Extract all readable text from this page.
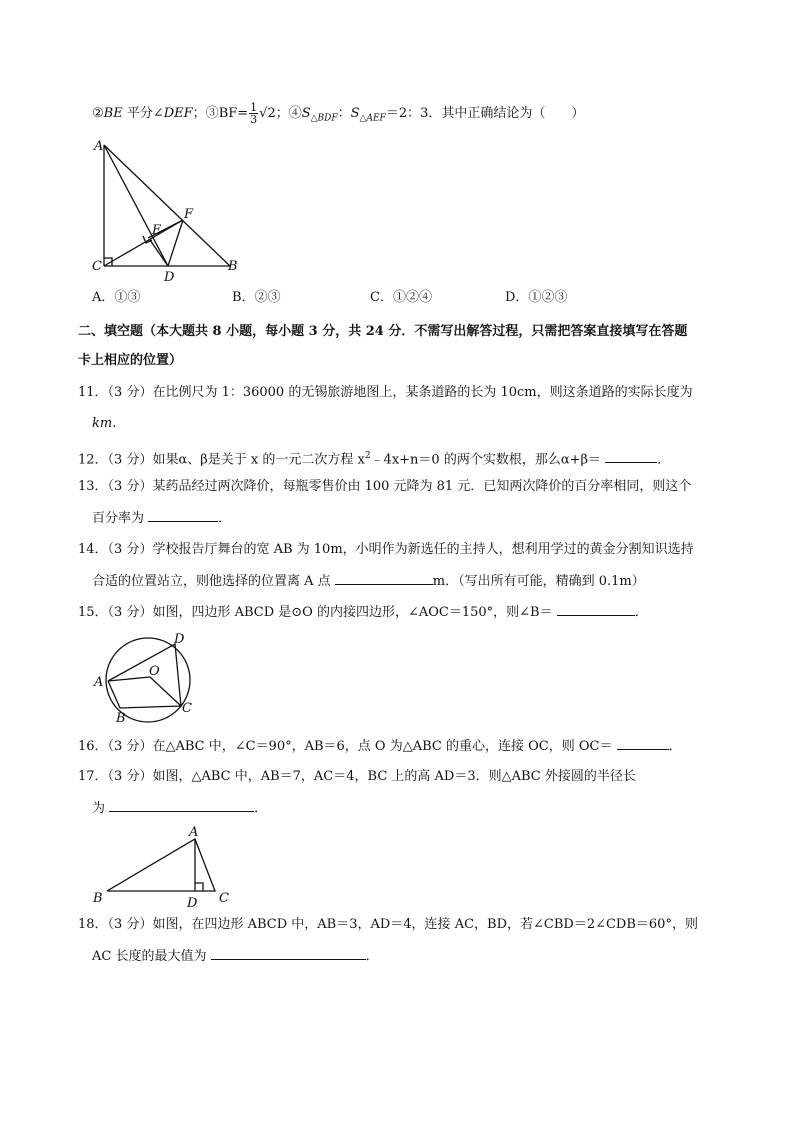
②BE 平分∠DEF；③BF= $\frac{1}{3} √2$；$④S_{\triangle BDF}$：$S_{\triangle AEF}=2$：3．其中正确结论为（　　）
A
E
F
C
D
B
A．①③	B．②③	C．①②④	D．①②③
二、填空题（本大题共 8 小题，每小题 3 分，共 24 分．不需写出解答过程，只需把答案直接填写在答题
卡上相应的位置）
11．（3 分）在比例尺为 1：36000 的无锡旅游地图上，某条道路的长为 10cm，则这条道路的实际长度为
km.
12．（3 分）如果α、β是关于 x 的一元二次方程 $x^2﹣4x+n=0$ 的两个实数根，那么α+β＝	．
13．（3 分）某药品经过两次降价，每瓶零售价由 100 元降为 81 元．已知两次降价的百分率相同，则这个
百分率为	．
14．（3 分）学校报告厅舞台的宽 AB 为 10m，小明作为新选任的主持人，想利用学过的黄金分割知识选持
合适的位置站立，则他选择的位置离 A 点	m．（写出所有可能，精确到 0.1m）
15．（3 分）如图，四边形 ABCD 是⊙O 的内接四边形，∠AOC＝150°，则∠B＝	．
D
O
A
C
B
16．（3 分）在△ABC 中，∠C＝90°，AB＝6，点 O 为△ABC 的重心，连接 OC，则 OC＝	．
17．（3 分）如图，△ABC 中，AB＝7，AC＝4，BC 上的高 AD＝3．则△ABC 外接圆的半径长
为	．
A
B	D C
18．（3 分）如图，在四边形 ABCD 中，AB＝3，AD＝4，连接 AC，BD，若∠CBD＝2∠CDB＝60°，则
AC 长度的最大值为	．
